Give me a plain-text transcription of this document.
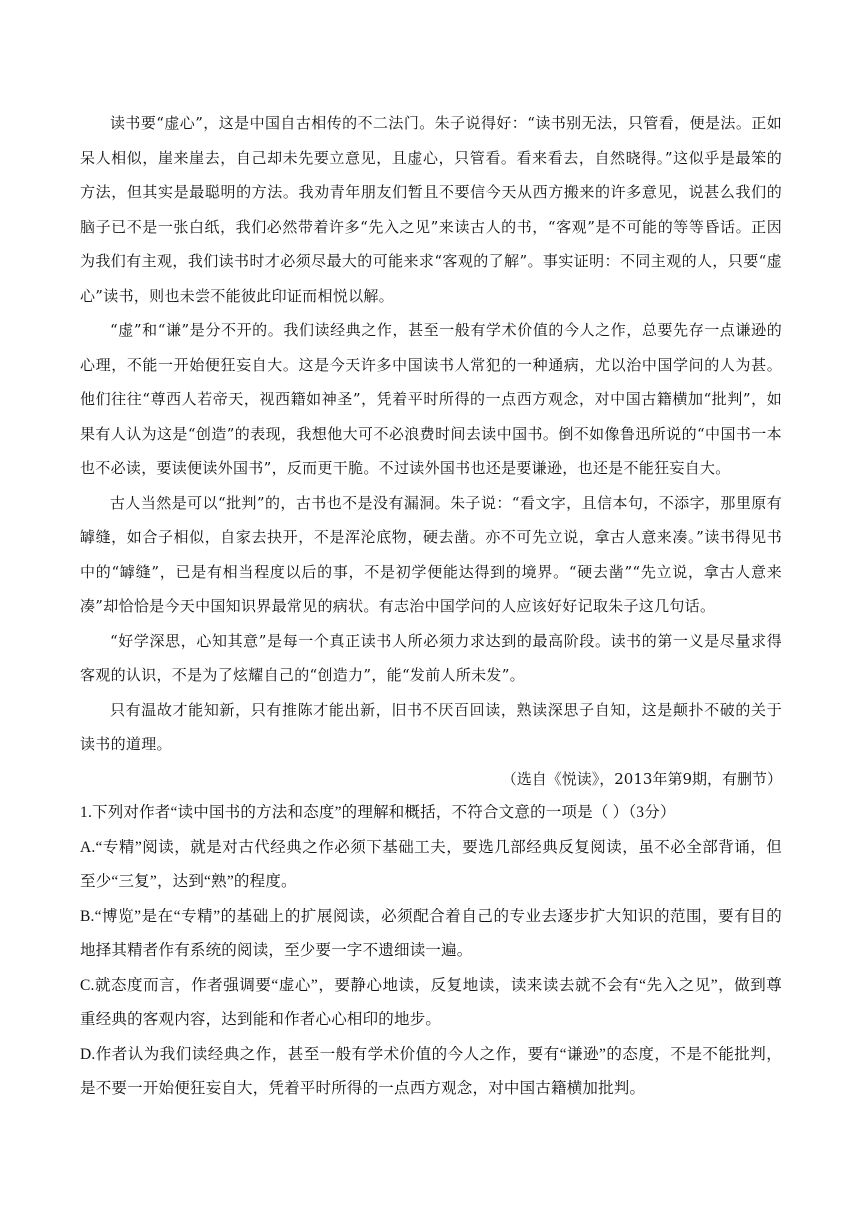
读书要“虚心”，这是中国自古相传的不二法门。朱子说得好：“读书别无法，只管看，便是法。正如呆人相似，崖来崖去，自己却未先要立意见，且虚心，只管看。看来看去，自然晓得。”这似乎是最笨的方法，但其实是最聪明的方法。我劝青年朋友们暂且不要信今天从西方搬来的许多意见，说甚么我们的脑子已不是一张白纸，我们必然带着许多“先入之见”来读古人的书，“客观”是不可能的等等昏话。正因为我们有主观，我们读书时才必须尽最大的可能来求“客观的了解”。事实证明：不同主观的人，只要“虚心”读书，则也未尝不能彼此印证而相悦以解。

“虚”和“谦”是分不开的。我们读经典之作，甚至一般有学术价值的今人之作，总要先存一点谦逊的心理，不能一开始便狂妄自大。这是今天许多中国读书人常犯的一种通病，尤以治中国学问的人为甚。他们往往“尊西人若帝天，视西籍如神圣”，凭着平时所得的一点西方观念，对中国古籍横加“批判”，如果有人认为这是“创造”的表现，我想他大可不必浪费时间去读中国书。倒不如像鲁迅所说的“中国书一本也不必读，要读便读外国书”，反而更干脆。不过读外国书也还是要谦逊，也还是不能狂妄自大。

古人当然是可以“批判”的，古书也不是没有漏洞。朱子说：“看文字，且信本句，不添字，那里原有罅缝，如合子相似，自家去抉开，不是浑沦底物，硬去凿。亦不可先立说，拿古人意来凑。”读书得见书中的“罅缝”，已是有相当程度以后的事，不是初学便能达得到的境界。“硬去凿”“先立说，拿古人意来凑”却恰恰是今天中国知识界最常见的病状。有志治中国学问的人应该好好记取朱子这几句话。

“好学深思，心知其意”是每一个真正读书人所必须力求达到的最高阶段。读书的第一义是尽量求得客观的认识，不是为了炫耀自己的“创造力”，能“发前人所未发”。

只有温故才能知新，只有推陈才能出新，旧书不厌百回读，熟读深思子自知，这是颠扑不破的关于读书的道理。

（选自《悦读》，2013年第9期，有删节）

1.下列对作者“读中国书的方法和态度”的理解和概括，不符合文意的一项是（ ）（3分）

A.“专精”阅读，就是对古代经典之作必须下基础工夫，要选几部经典反复阅读，虽不必全部背诵，但至少“三复”，达到“熟”的程度。

B.“博览”是在“专精”的基础上的扩展阅读，必须配合着自己的专业去逐步扩大知识的范围，要有目的地择其精者作有系统的阅读，至少要一字不遗细读一遍。

C.就态度而言，作者强调要“虚心”，要静心地读，反复地读，读来读去就不会有“先入之见”，做到尊重经典的客观内容，达到能和作者心心相印的地步。

D.作者认为我们读经典之作，甚至一般有学术价值的今人之作，要有“谦逊”的态度，不是不能批判，是不要一开始便狂妄自大，凭着平时所得的一点西方观念，对中国古籍横加批判。
